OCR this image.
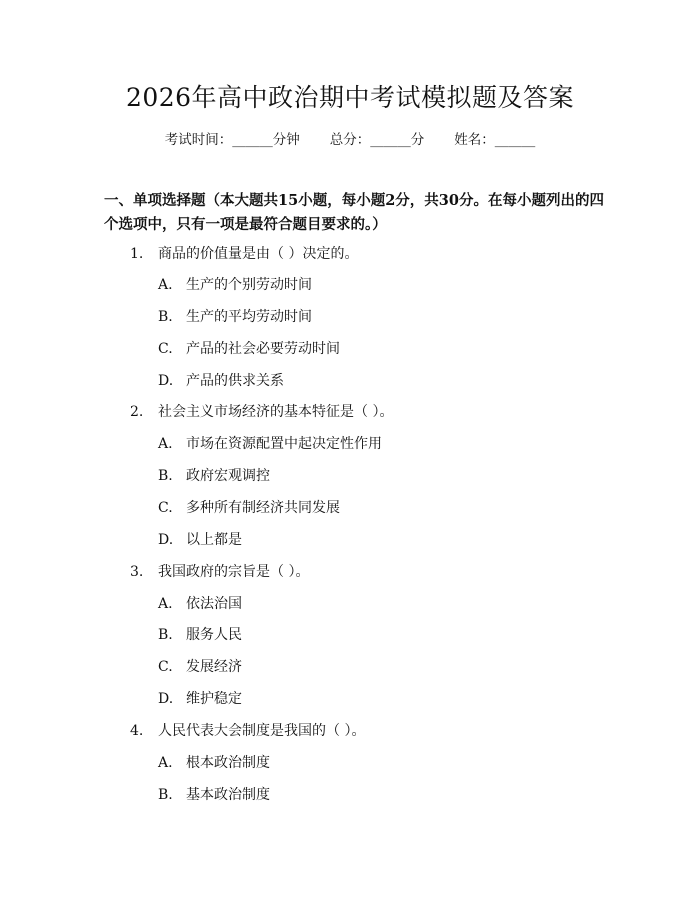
2026年高中政治期中考试模拟题及答案
考试时间：______分钟 总分：______分 姓名：______
一、单项选择题（本大题共15小题，每小题2分，共30分。在每小题列出的四个选项中，只有一项是最符合题目要求的。）
1. 商品的价值量是由（ ）决定的。
A. 生产的个别劳动时间
B. 生产的平均劳动时间
C. 产品的社会必要劳动时间
D. 产品的供求关系
2. 社会主义市场经济的基本特征是（ ）。
A. 市场在资源配置中起决定性作用
B. 政府宏观调控
C. 多种所有制经济共同发展
D. 以上都是
3. 我国政府的宗旨是（ ）。
A. 依法治国
B. 服务人民
C. 发展经济
D. 维护稳定
4. 人民代表大会制度是我国的（ ）。
A. 根本政治制度
B. 基本政治制度
